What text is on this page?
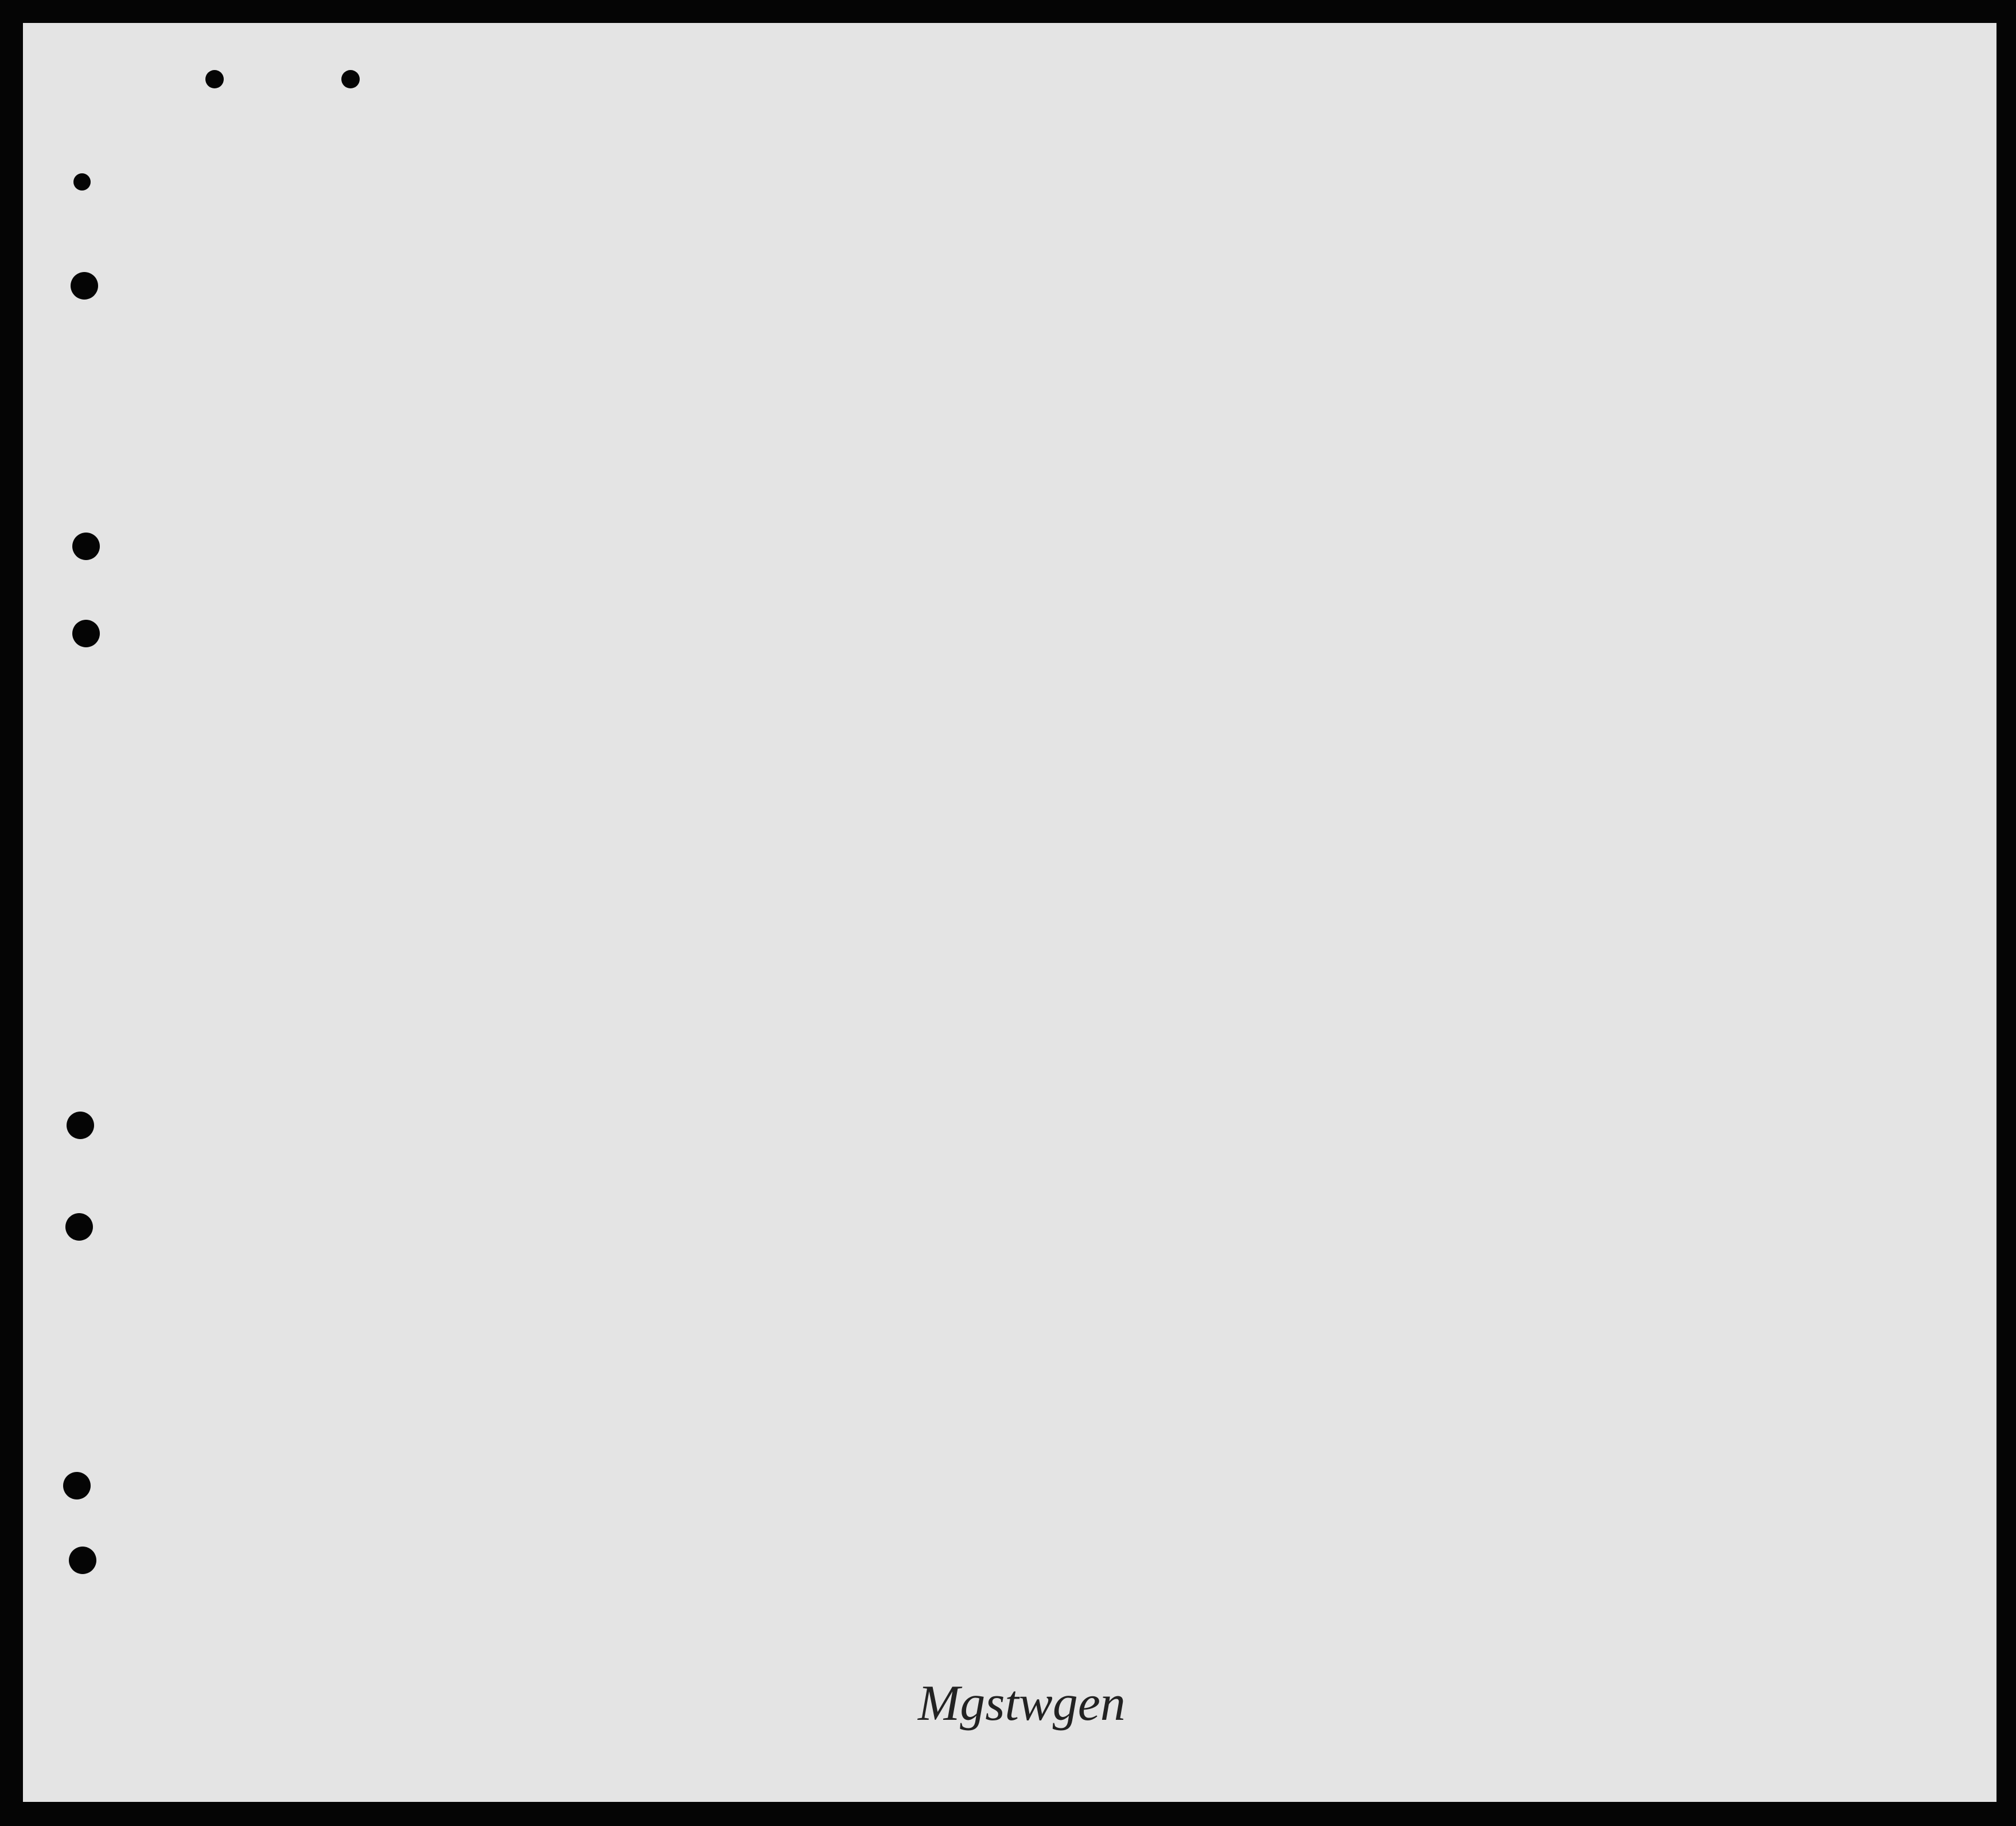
Mgstwgen
